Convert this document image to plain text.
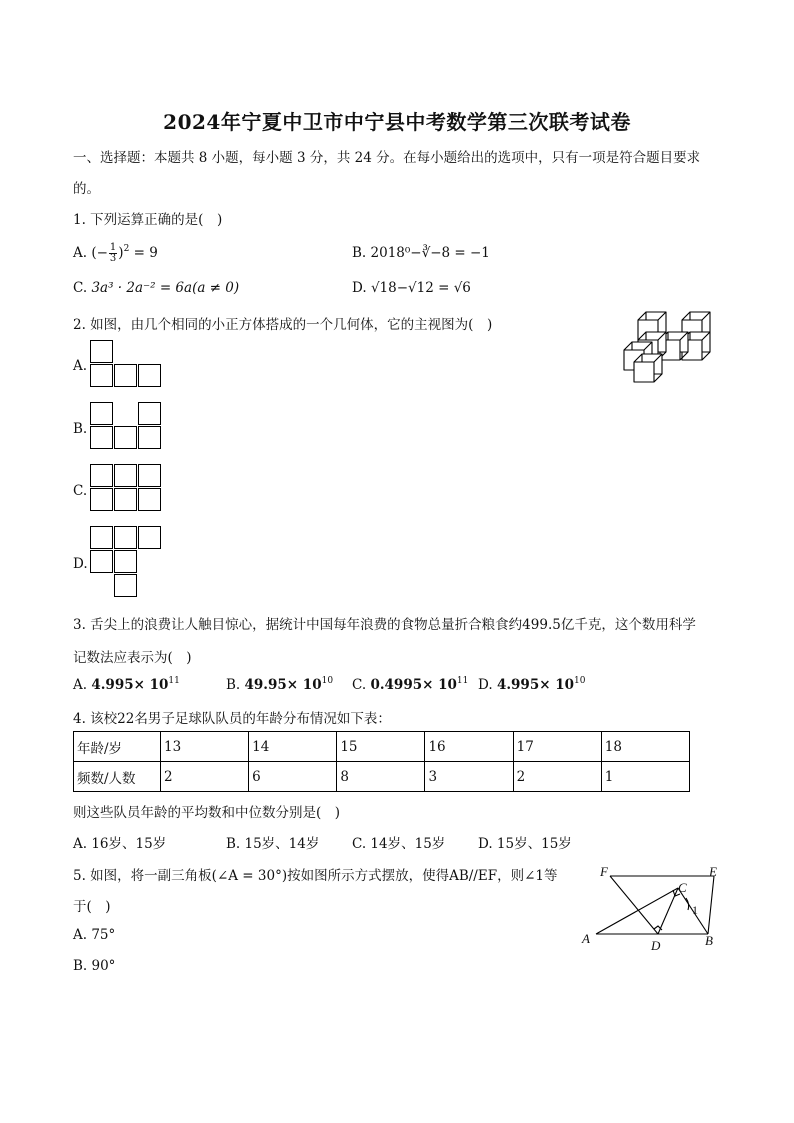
2024年宁夏中卫市中宁县中考数学第三次联考试卷
一、选择题：本题共 8 小题，每小题 3 分，共 24 分。在每小题给出的选项中，只有一项是符合题目要求
的。
1. 下列运算正确的是(　)
A. (− $\frac{1}{3} )^2 = 9$	B. 2018⁰−∛−8 = −1
C. 3a³ · 2a⁻² = 6a(a ≠ 0)	D. √18−√12 = √6
2. 如图，由几个相同的小正方体搭成的一个几何体，它的主视图为(　)
A.
B.
C.
D.
3. 舌尖上的浪费让人触目惊心，据统计中国每年浪费的食物总量折合粮食约499.5亿千克，这个数用科学
记数法应表示为(　)
A. $4.995\times 10^{11}$	B. $49.95\times 10^{10}$ C. $0.4995\times 10^{11}$ D. $4.995\times 10^{10}$
4. 该校22名男子足球队队员的年龄分布情况如下表：
年龄/岁	13	14	15	16	17	18
频数/人数	2	6	8	3	2	1
则这些队员年龄的平均数和中位数分别是(　)
A. 16岁、15岁	B. 15岁、14岁 C. 14岁、15岁 D. 15岁、15岁
5. 如图，将一副三角板(∠A = 30°)按如图所示方式摆放，使得AB//EF，则∠1等
于(　)
A. 75°
B. 90°
F	E
C
A	D	B
1
